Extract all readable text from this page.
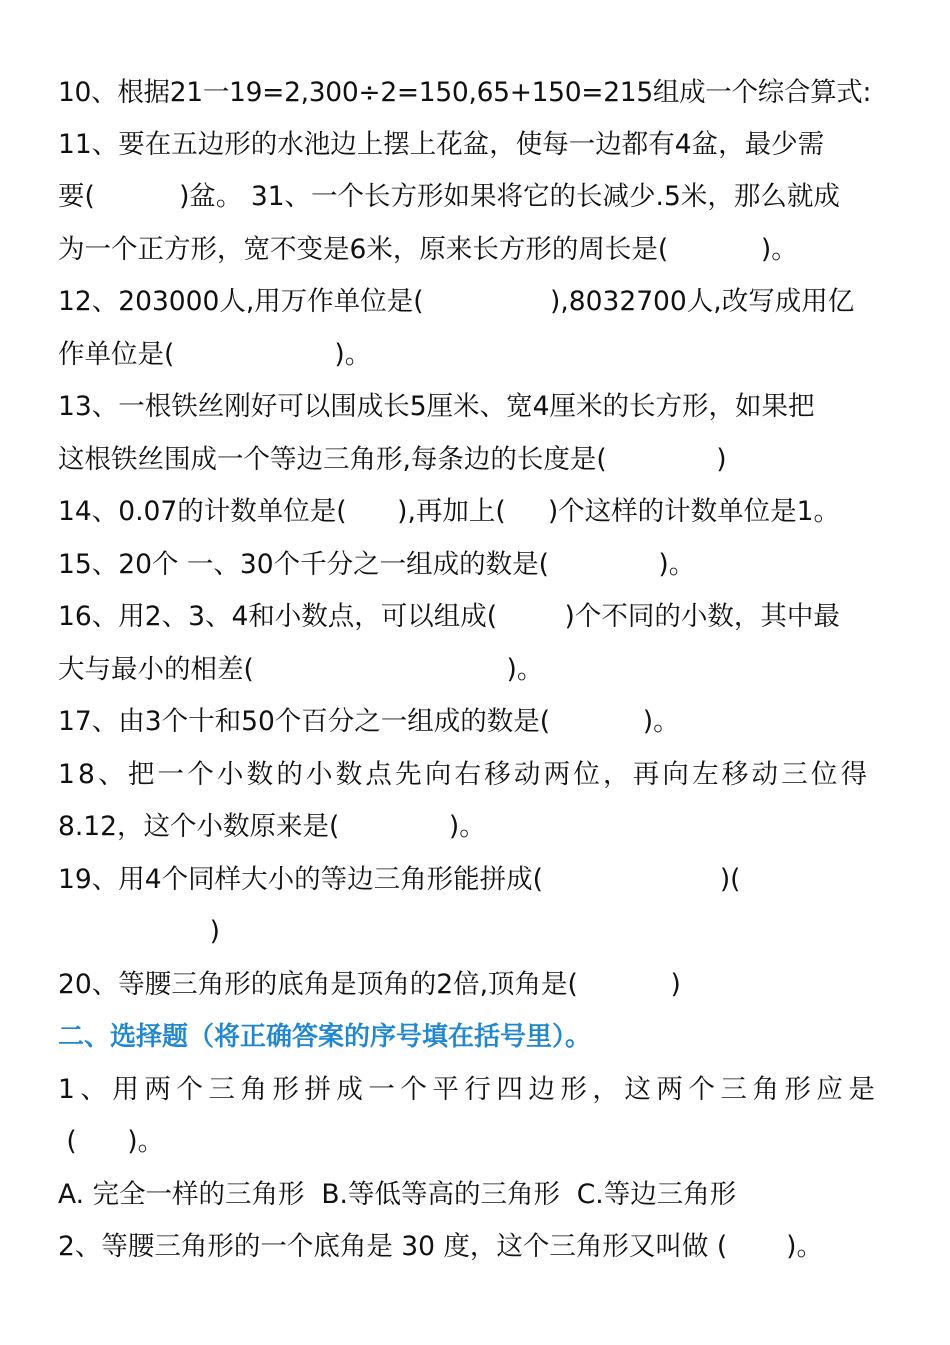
10、根据21一19=2,300÷2=150,65+150=215组成一个综合算式:
11、要在五边形的水池边上摆上花盆，使每一边都有4盆，最少需
要(          )盆。 31、一个长方形如果将它的长减少.5米，那么就成
为一个正方形，宽不变是6米，原来长方形的周长是(           )。
12、203000人,用万作单位是(               ),8032700人,改写成用亿
作单位是(                   )。
13、一根铁丝刚好可以围成长5厘米、宽4厘米的长方形，如果把
这根铁丝围成一个等边三角形,每条边的长度是(             )
14、0.07的计数单位是(      ),再加上(     )个这样的计数单位是1。
15、20个 一、30个千分之一组成的数是(             )。
16、用2、3、4和小数点，可以组成(        )个不同的小数，其中最
大与最小的相差(                              )。
17、由3个十和50个百分之一组成的数是(           )。
18、把一个小数的小数点先向右移动两位，再向左移动三位得
8.12，这个小数原来是(             )。
19、用4个同样大小的等边三角形能拼成(                     )(
)
20、等腰三角形的底角是顶角的2倍,顶角是(           )
二、选择题（将正确答案的序号填在括号里）。
1、用两个三角形拼成一个平行四边形，这两个三角形应是
(      )。
A. 完全一样的三角形  B.等低等高的三角形  C.等边三角形
2、等腰三角形的一个底角是 30 度，这个三角形又叫做 (       )。
